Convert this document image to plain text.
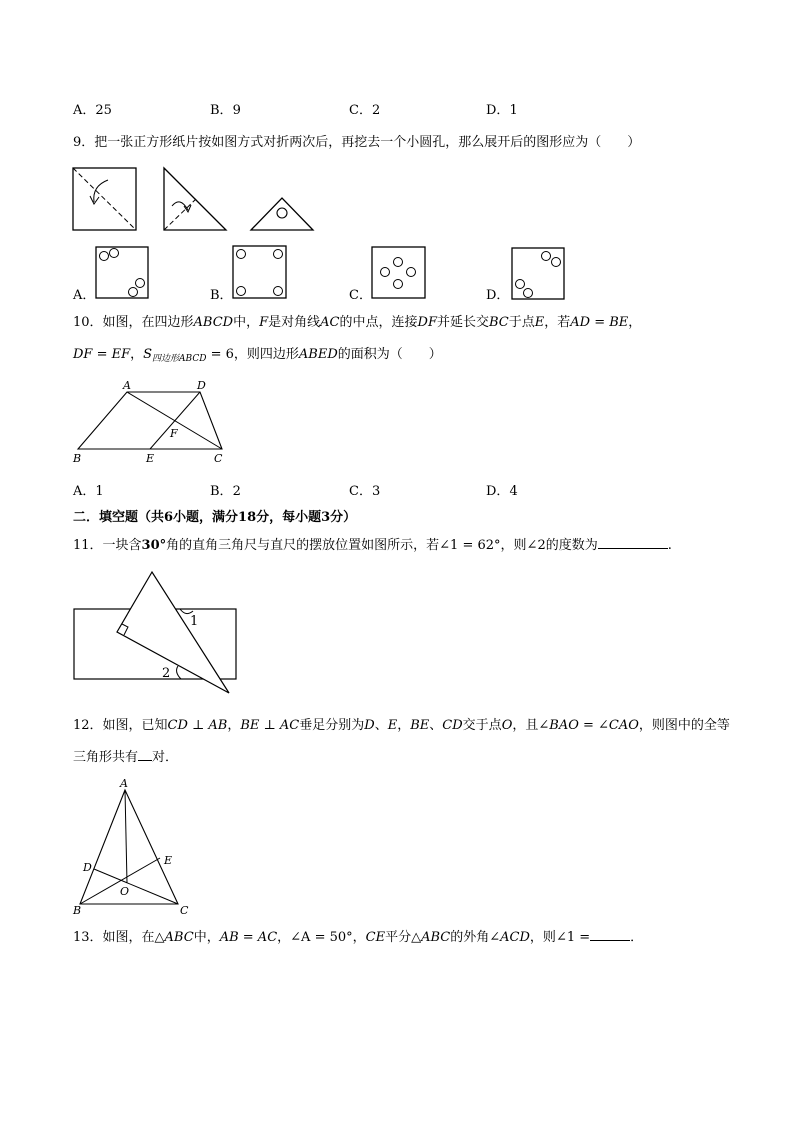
A．25	B．9	C．2	D．1
9．把一张正方形纸片按如图方式对折两次后，再挖去一个小圆孔，那么展开后的图形应为（　　）
A．	B．	C．	D．
10．如图，在四边形ABCD中，F是对角线AC的中点，连接DF并延长交BC于点E，若AD = BE，
DF = EF，$S_{四边形ABCD} = 6$，则四边形ABED的面积为（　　）
A	D
F
B	E	C
A．1	B．2	C．3	D．4
二．填空题（共6小题，满分18分，每小题3分）
11．一块含30°角的直角三角尺与直尺的摆放位置如图所示，若∠1 = 62°，则∠2的度数为	.
1
2
12．如图，已知CD ⊥ AB，BE ⊥ AC垂足分别为D、E，BE、CD交于点O，且∠BAO = ∠CAO，则图中的全等
三角形共有 对．
A
D
E
O
B	C
13．如图，在△ABC中，AB = AC，∠A = 50°，CE平分△ABC的外角∠ACD，则∠1 =	．
